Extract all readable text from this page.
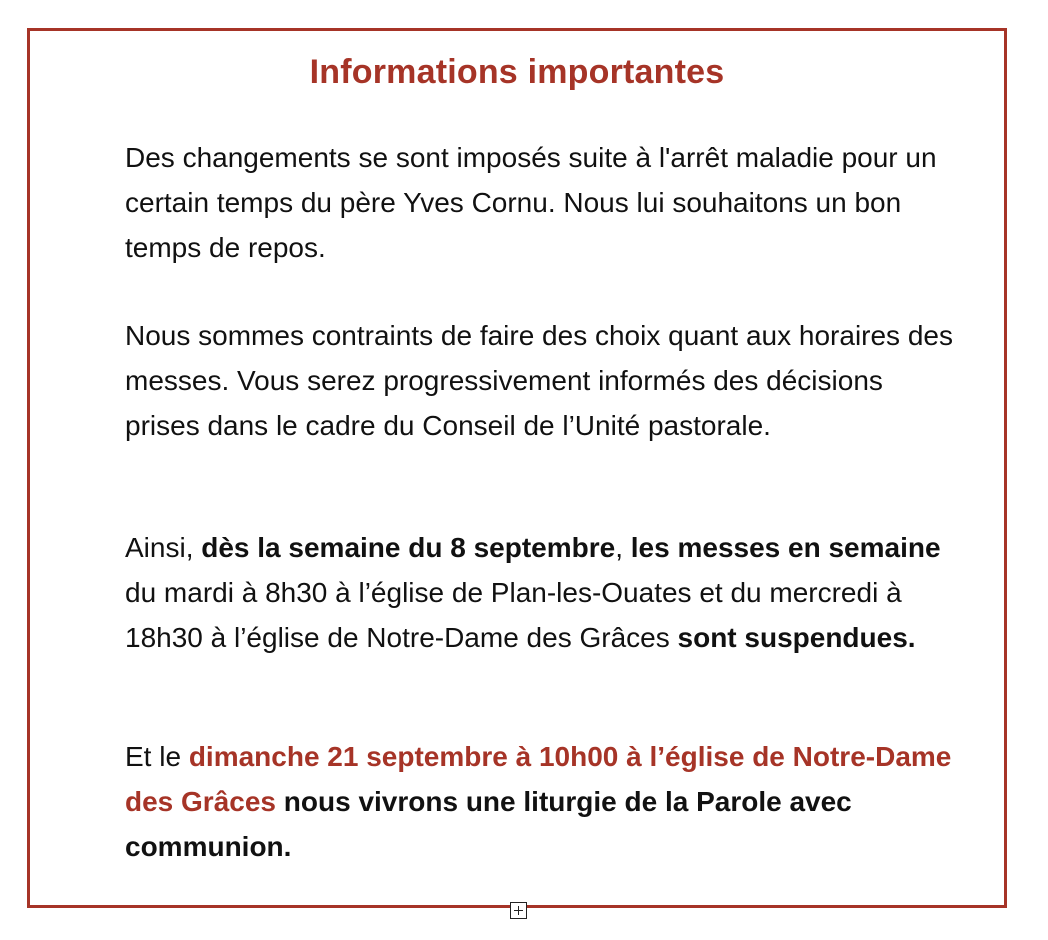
Informations importantes

Des changements se sont imposés suite à l'arrêt maladie pour un certain temps du père Yves Cornu. Nous lui souhaitons un bon temps de repos.

Nous sommes contraints de faire des choix quant aux horaires des messes. Vous serez progressivement informés des décisions prises dans le cadre du Conseil de l’Unité pastorale.

Ainsi, dès la semaine du 8 septembre, les messes en semaine du mardi à 8h30 à l’église de Plan-les-Ouates et du mercredi à 18h30 à l’église de Notre-Dame des Grâces sont suspendues.

Et le dimanche 21 septembre à 10h00 à l’église de Notre-Dame des Grâces nous vivrons une liturgie de la Parole avec communion.
